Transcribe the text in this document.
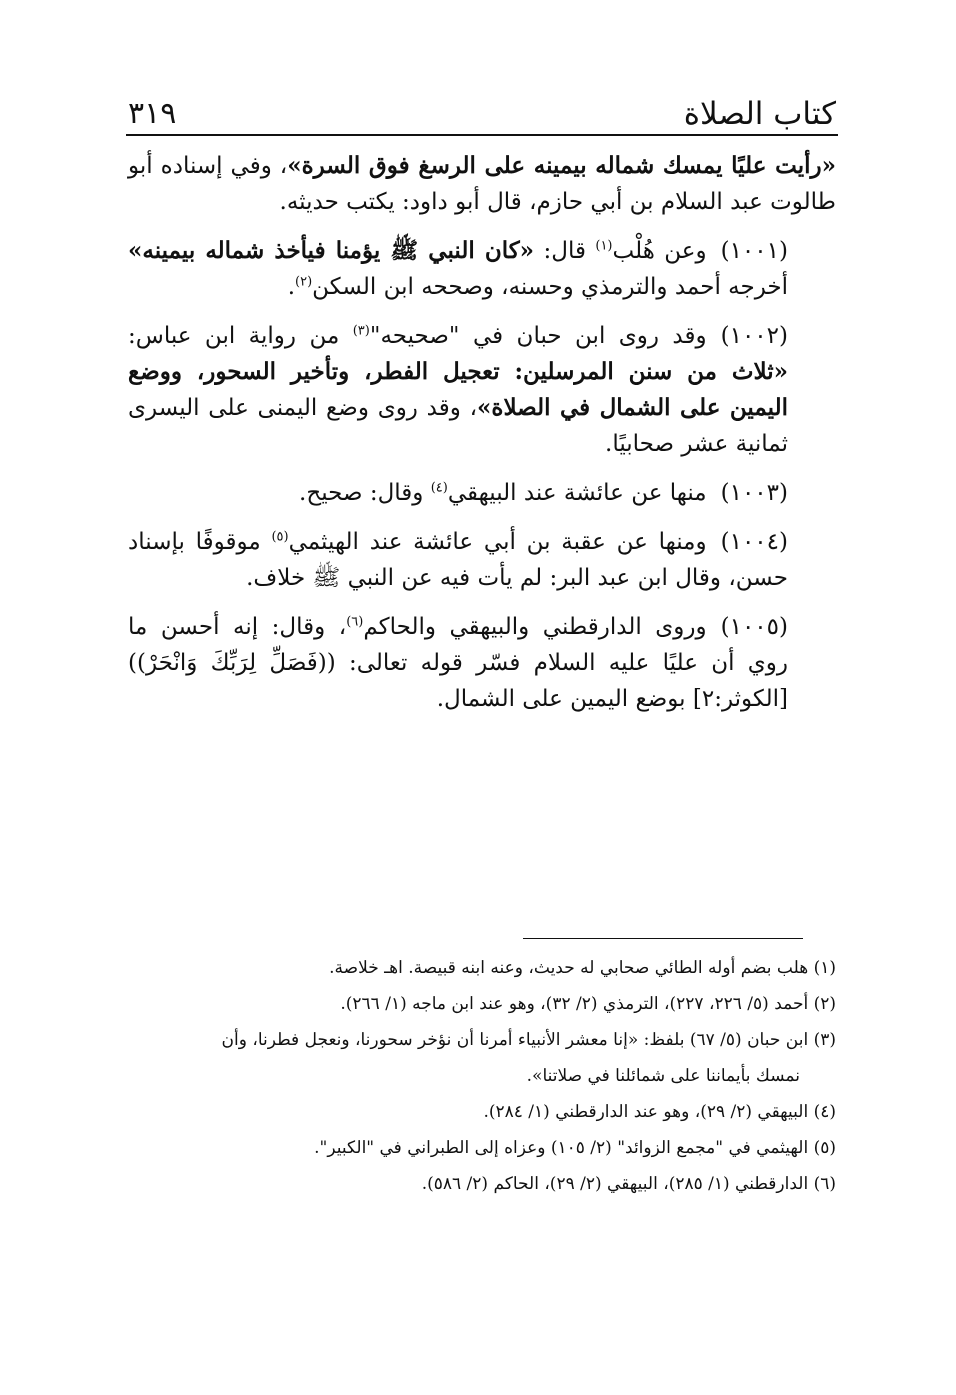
كتاب الصلاة
٣١٩

«رأيت عليًا يمسك شماله بيمينه على الرسغ فوق السرة»، وفي إسناده أبو طالوت عبد السلام بن أبي حازم، قال أبو داود: يكتب حديثه.

(١٠٠١)وعن هُلْب$^{(١)}$ قال: «كان النبي ﷺ يؤمنا فيأخذ شماله بيمينه» أخرجه أحمد والترمذي وحسنه، وصححه ابن السكن$^{(٢)}$.

(١٠٠٢)وقد روى ابن حبان في "صحيحه"$^{(٣)}$ من رواية ابن عباس: «ثلاث من سنن المرسلين: تعجيل الفطر، وتأخير السحور، ووضع اليمين على الشمال في الصلاة»، وقد روى وضع اليمنى على اليسرى ثمانية عشر صحابيًا.

(١٠٠٣)منها عن عائشة عند البيهقي$^{(٤)}$ وقال: صحيح.

(١٠٠٤)ومنها عن عقبة بن أبي عائشة عند الهيثمي$^{(٥)}$ موقوفًا بإسناد حسن، وقال ابن عبد البر: لم يأت فيه عن النبي ﷺ خلاف.

(١٠٠٥)وروى الدارقطني والبيهقي والحاكم$^{(٦)}$، وقال: إنه أحسن ما روي أن عليًا عليه السلام فسّر قوله تعالى: ((فَصَلِّ لِرَبِّكَ وَانْحَرْ)) [الكوثر:٢] بوضع اليمين على الشمال.

(١) هلب بضم أوله الطائي صحابي له حديث، وعنه ابنه قبيصة. اهـ خلاصة.

(٢) أحمد (٥/ ٢٢٦، ٢٢٧)، الترمذي (٢/ ٣٢)، وهو عند ابن ماجه (١/ ٢٦٦).

(٣) ابن حبان (٥/ ٦٧) بلفظ: «إنا معشر الأنبياء أمرنا أن نؤخر سحورنا، ونعجل فطرنا، وأن

نمسك بأيماننا على شمائلنا في صلاتنا».

(٤) البيهقي (٢/ ٢٩)، وهو عند الدارقطني (١/ ٢٨٤).

(٥) الهيثمي في "مجمع الزوائد" (٢/ ١٠٥) وعزاه إلى الطبراني في "الكبير".

(٦) الدارقطني (١/ ٢٨٥)، البيهقي (٢/ ٢٩)، الحاكم (٢/ ٥٨٦).
